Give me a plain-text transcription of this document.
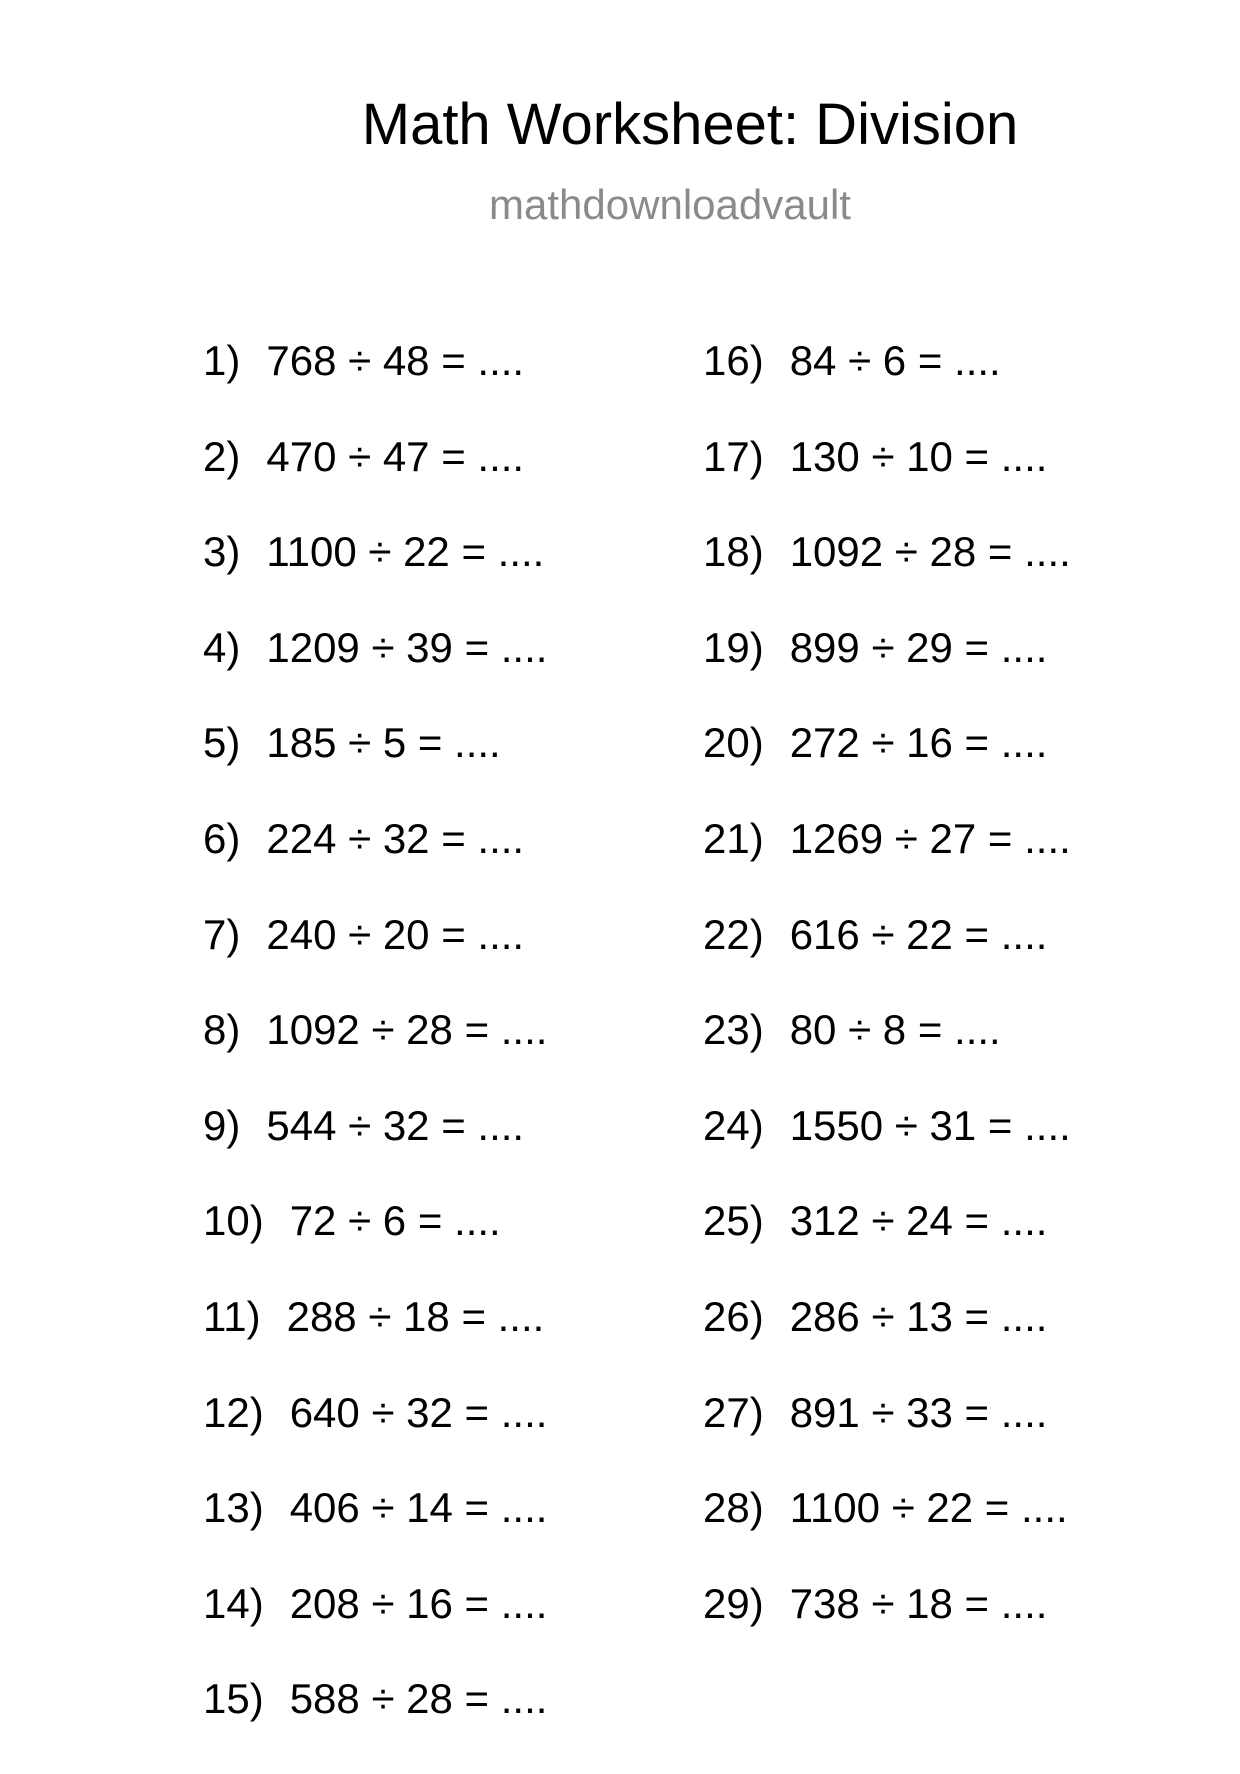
Math Worksheet: Division
mathdownloadvault
1) 768 ÷ 48 = ....
2) 470 ÷ 47 = ....
3) 1100 ÷ 22 = ....
4) 1209 ÷ 39 = ....
5) 185 ÷ 5 = ....
6) 224 ÷ 32 = ....
7) 240 ÷ 20 = ....
8) 1092 ÷ 28 = ....
9) 544 ÷ 32 = ....
10) 72 ÷ 6 = ....
11) 288 ÷ 18 = ....
12) 640 ÷ 32 = ....
13) 406 ÷ 14 = ....
14) 208 ÷ 16 = ....
15) 588 ÷ 28 = ....
16) 84 ÷ 6 = ....
17) 130 ÷ 10 = ....
18) 1092 ÷ 28 = ....
19) 899 ÷ 29 = ....
20) 272 ÷ 16 = ....
21) 1269 ÷ 27 = ....
22) 616 ÷ 22 = ....
23) 80 ÷ 8 = ....
24) 1550 ÷ 31 = ....
25) 312 ÷ 24 = ....
26) 286 ÷ 13 = ....
27) 891 ÷ 33 = ....
28) 1100 ÷ 22 = ....
29) 738 ÷ 18 = ....
